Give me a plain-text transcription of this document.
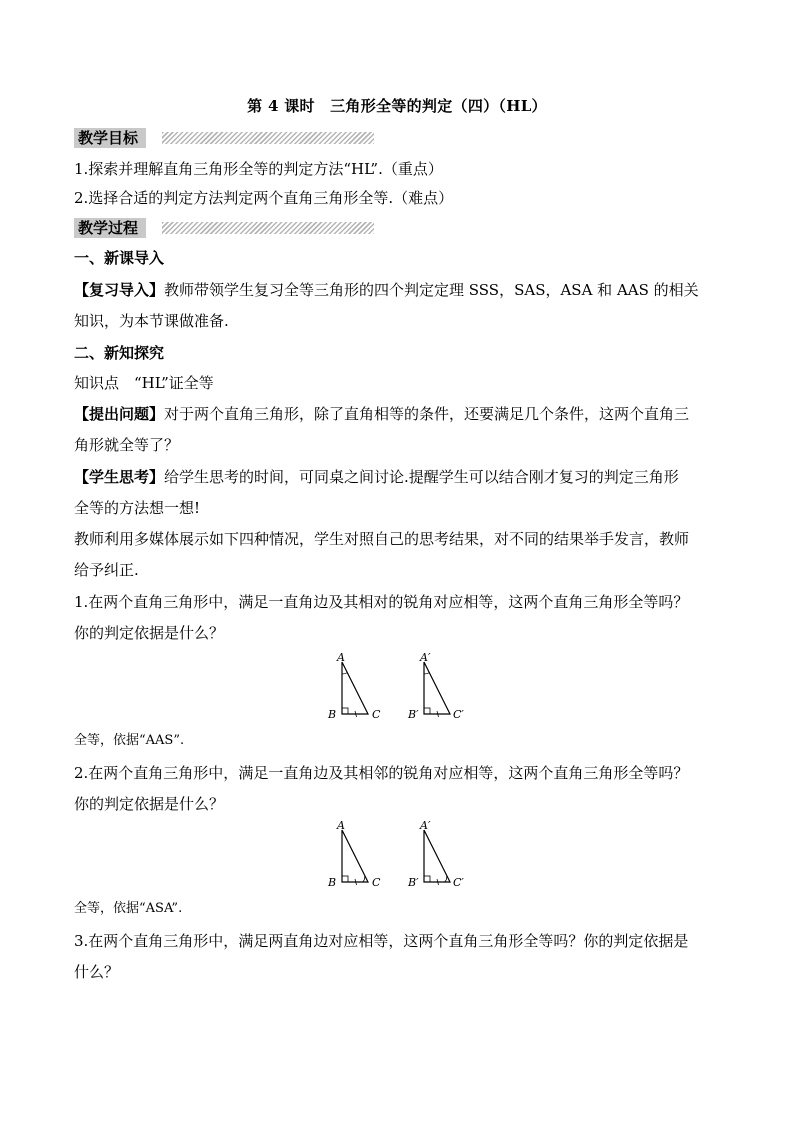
第 4 课时　三角形全等的判定（四）（HL）
教学目标
1.探索并理解直角三角形全等的判定方法“HL”.（重点）
2.选择合适的判定方法判定两个直角三角形全等.（难点）
教学过程
一、新课导入
【复习导入】教师带领学生复习全等三角形的四个判定定理 SSS，SAS，ASA 和 AAS 的相关
知识，为本节课做准备.
二、新知探究
知识点　“HL”证全等
【提出问题】对于两个直角三角形，除了直角相等的条件，还要满足几个条件，这两个直角三
角形就全等了？
【学生思考】给学生思考的时间，可同桌之间讨论.提醒学生可以结合刚才复习的判定三角形
全等的方法想一想!
教师利用多媒体展示如下四种情况，学生对照自己的思考结果，对不同的结果举手发言，教师
给予纠正.
1.在两个直角三角形中，满足一直角边及其相对的锐角对应相等，这两个直角三角形全等吗？
你的判定依据是什么？
A
B	C
A′
B′	C′
全等，依据“AAS”.
2.在两个直角三角形中，满足一直角边及其相邻的锐角对应相等，这两个直角三角形全等吗？
你的判定依据是什么？
A
B	C
A′
B′	C′
全等，依据“ASA”.
3.在两个直角三角形中，满足两直角边对应相等，这两个直角三角形全等吗？你的判定依据是
什么？
